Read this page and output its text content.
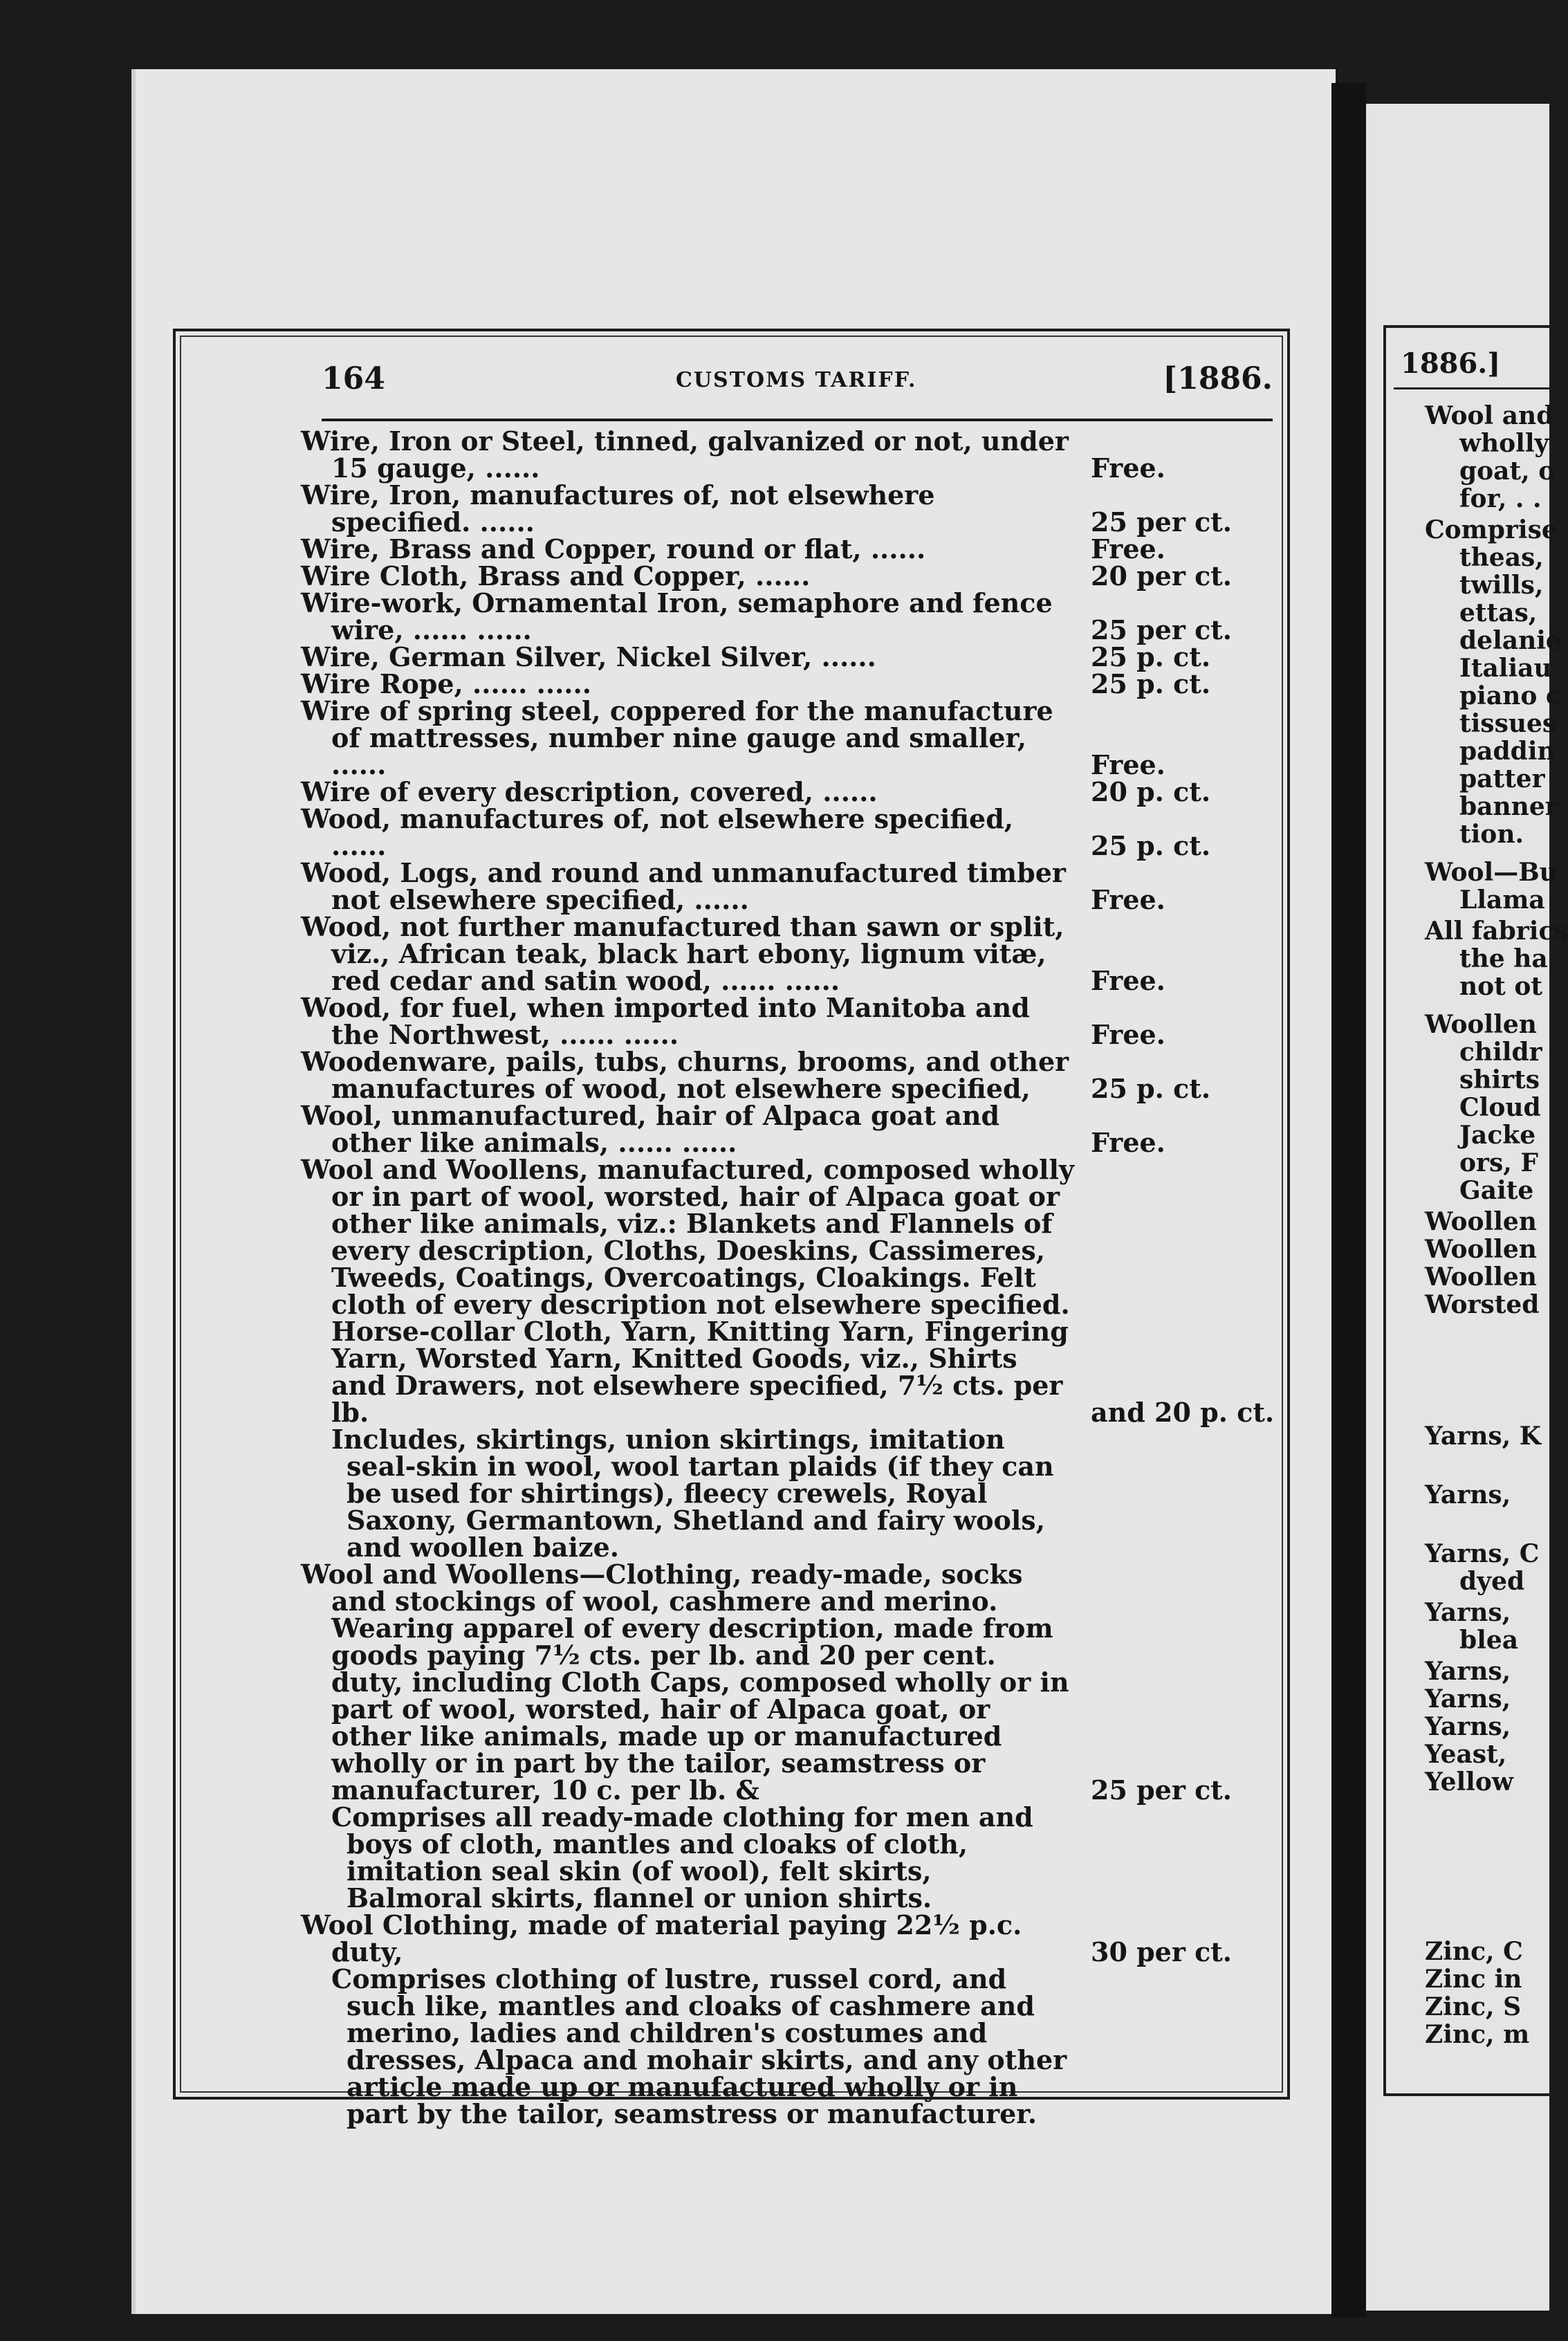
164	CUSTOMS TARIFF.	[1886.
Wire, Iron or Steel, tinned, galvanized or not, under 15 gauge, ......	Free.
Wire, Iron, manufactures of, not elsewhere specified. ......	25 per ct.
Wire, Brass and Copper, round or flat, ......	Free.
Wire Cloth, Brass and Copper, ......	20 per ct.
Wire-work, Ornamental Iron, semaphore and fence wire, ...... ......	25 per ct.
Wire, German Silver, Nickel Silver, ......	25 p. ct.
Wire Rope, ...... ......	25 p. ct.
Wire of spring steel, coppered for the manufacture of mattresses, number nine gauge and smaller, ......	Free.
Wire of every description, covered, ......	20 p. ct.
Wood, manufactures of, not elsewhere specified, ......	25 p. ct.
Wood, Logs, and round and unmanufactured timber not elsewhere specified, ......	Free.
Wood, not further manufactured than sawn or split, viz., African teak, black hart ebony, lignum vitæ, red cedar and satin wood, ...... ......	Free.
Wood, for fuel, when imported into Manitoba and the Northwest, ...... ......	Free.
Woodenware, pails, tubs, churns, brooms, and other manufactures of wood, not elsewhere specified,	25 p. ct.
Wool, unmanufactured, hair of Alpaca goat and other like animals, ...... ......	Free.
Wool and Woollens, manufactured, composed wholly or in part of wool, worsted, hair of Alpaca goat or other like animals, viz.: Blankets and Flannels of every description, Cloths, Doeskins, Cassimeres, Tweeds, Coatings, Overcoatings, Cloakings. Felt cloth of every description not elsewhere specified. Horse-collar Cloth, Yarn, Knitting Yarn, Fingering Yarn, Worsted Yarn, Knitted Goods, viz., Shirts and Drawers, not elsewhere specified, 7½ cts. per lb.	and 20 p. ct.
Includes, skirtings, union skirtings, imitation seal-skin in wool, wool tartan plaids (if they can be used for shirtings), fleecy crewels, Royal Saxony, Germantown, Shetland and fairy wools, and woollen baize.
Wool and Woollens—Clothing, ready-made, socks and stockings of wool, cashmere and merino. Wearing apparel of every description, made from goods paying 7½ cts. per lb. and 20 per cent. duty, including Cloth Caps, composed wholly or in part of wool, worsted, hair of Alpaca goat, or other like animals, made up or manufactured wholly or in part by the tailor, seamstress or manufacturer, 10 c. per lb. &	25 per ct.
Comprises all ready-made clothing for men and boys of cloth, mantles and cloaks of cloth, imitation seal skin (of wool), felt skirts, Balmoral skirts, flannel or union shirts.
Wool Clothing, made of material paying 22½ p.c. duty,	30 per ct.
Comprises clothing of lustre, russel cord, and such like, mantles and cloaks of cashmere and merino, ladies and children's costumes and dresses, Alpaca and mohair skirts, and any other article made up or manufactured wholly or in part by the tailor, seamstress or manufacturer.
1886.]
Wool and
wholly
goat, o
for, . .
Comprise
theas,
twills,
ettas,
delanie
Italiau
piano c
tissues
paddin
patter
banner
tion.
Wool—Bu
Llama
All fabrics
the ha
not ot
Woollen
childr
shirts
Cloud
Jacke
ors, F
Gaite
Woollen
Woollen
Woollen
Worsted
Yarns, K
Yarns,
Yarns, C
dyed
Yarns,
blea
Yarns,
Yarns,
Yarns,
Yeast,
Yellow
Zinc, C
Zinc in
Zinc, S
Zinc, m
